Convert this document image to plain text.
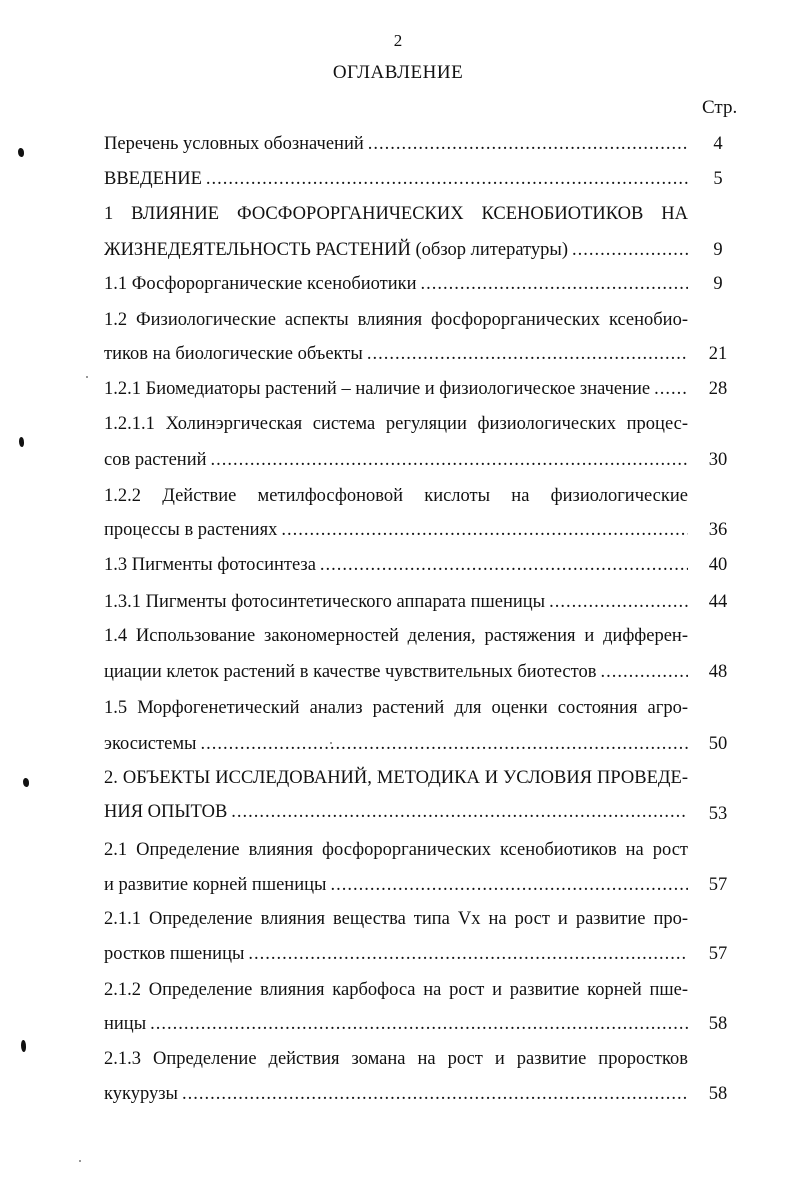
2
ОГЛАВЛЕНИЕ
Стр.
Перечень условных обозначений .....	4
ВВЕДЕНИЕ .....	5
1 ВЛИЯНИЕ ФОСФОРОРГАНИЧЕСКИХ КСЕНОБИОТИКОВ НА
ЖИЗНЕДЕЯТЕЛЬНОСТЬ РАСТЕНИЙ (обзор литературы) .....	9
1.1 Фосфорорганические ксенобиотики .....	9
1.2 Физиологические аспекты влияния фосфорорганических ксенобио-
тиков на биологические объекты .....	21
1.2.1 Биомедиаторы растений – наличие и физиологическое значение .....	28
1.2.1.1 Холинэргическая система регуляции физиологических процес-
сов растений .....	30
1.2.2 Действие метилфосфоновой кислоты на физиологические
процессы в растениях .....	36
1.3 Пигменты фотосинтеза .....	40
1.3.1 Пигменты фотосинтетического аппарата пшеницы .....	44
1.4 Использование закономерностей деления, растяжения и дифферен-
циации клеток растений в качестве чувствительных биотестов .....	48
1.5 Морфогенетический анализ растений для оценки состояния агро-
экосистемы .....	50
2. ОБЪЕКТЫ ИССЛЕДОВАНИЙ, МЕТОДИКА И УСЛОВИЯ ПРОВЕДЕ-
НИЯ ОПЫТОВ .....	53
2.1 Определение влияния фосфорорганических ксенобиотиков на рост
и развитие корней пшеницы .....	57
2.1.1 Определение влияния вещества типа Vx на рост и развитие про-
ростков пшеницы .....	57
2.1.2 Определение влияния карбофоса на рост и развитие корней пше-
ницы .....	58
2.1.3 Определение действия зомана на рост и развитие проростков
кукурузы .....	58
